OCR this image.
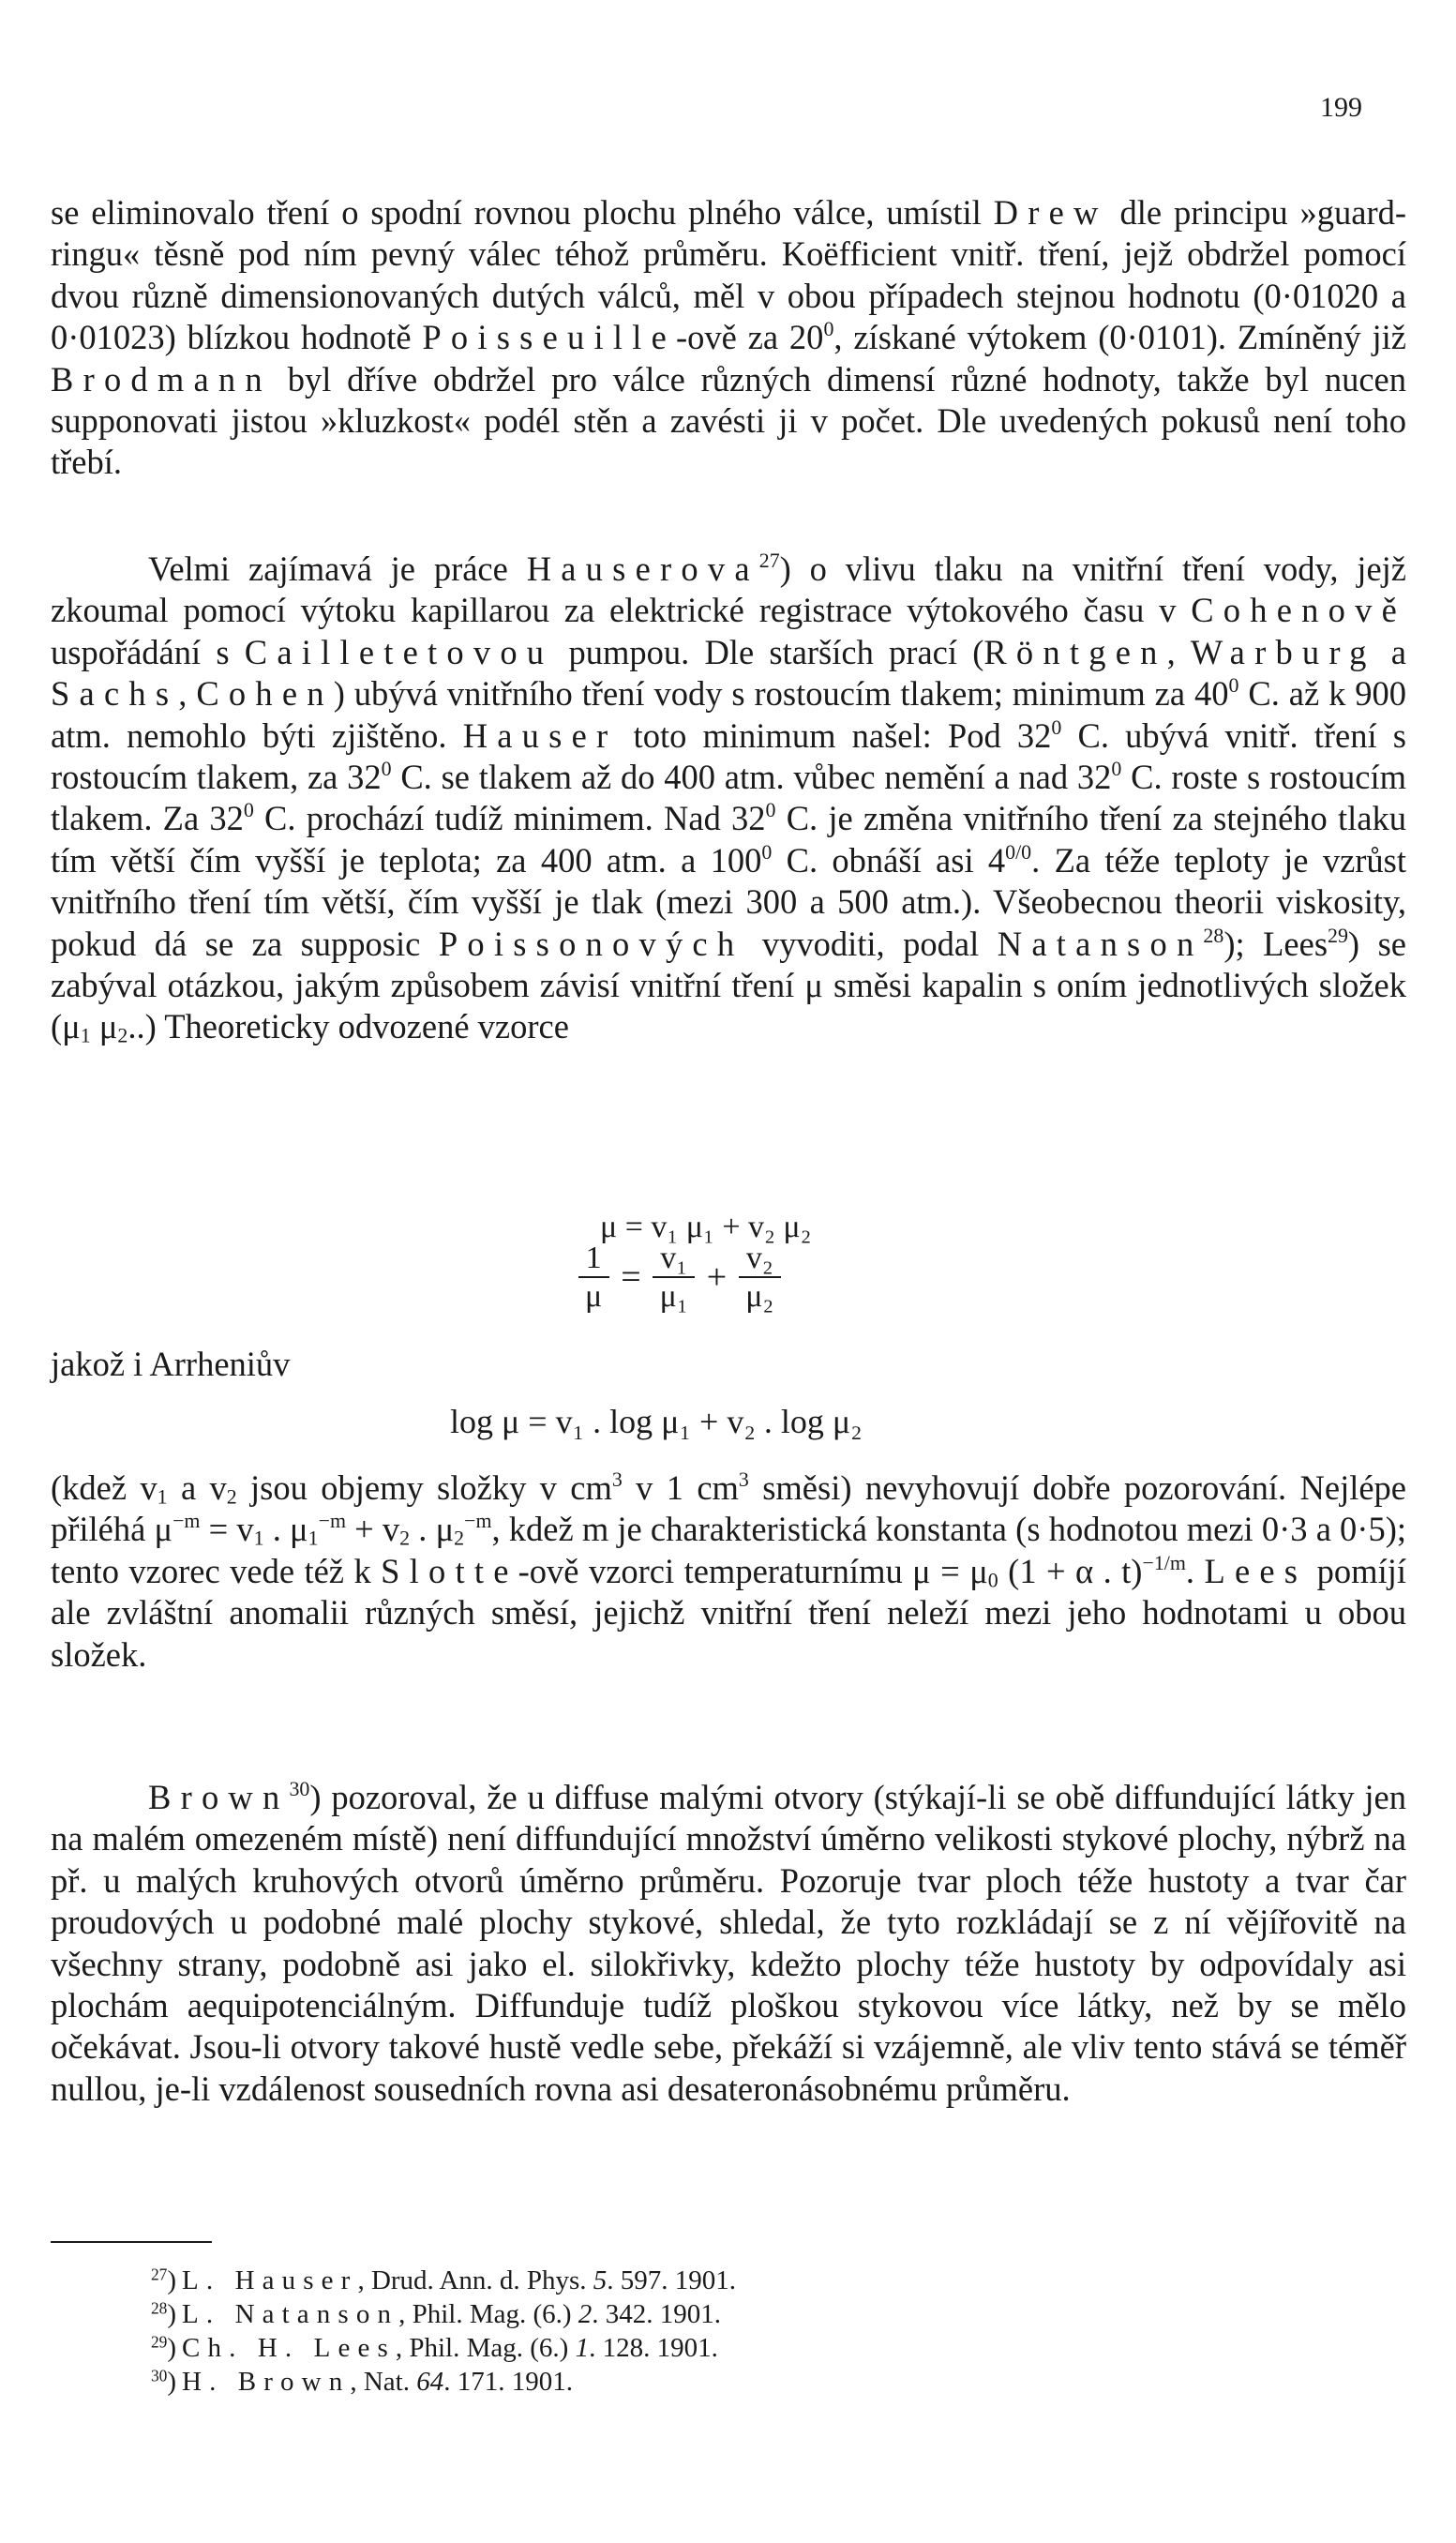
199

se eliminovalo tření o spodní rovnou plochu plného válce, umístil Drew dle principu »guard-ringu« těsně pod ním pevný válec téhož průměru. Koëfficient vnitř. tření, jejž obdržel pomocí dvou různě dimensionovaných dutých válců, měl v obou případech stejnou hodnotu (0·01020 a 0·01023) blízkou hodnotě Poisseuille-ově za $20^0$, získané výtokem (0·0101). Zmíněný již Brodmann byl dříve obdržel pro válce různých dimensí různé hodnoty, takže byl nucen supponovati jistou »kluzkost« podél stěn a zavésti ji v počet. Dle uvedených pokusů není toho třebí.

Velmi zajímavá je práce Hauserova$^{27}$) o vlivu tlaku na vnitřní tření vody, jejž zkoumal pomocí výtoku kapillarou za elektrické registrace výtokového času v Cohenově uspořádání s Cailletetovou pumpou. Dle starších prací (Röntgen, Warburg a Sachs, Cohen) ubývá vnitřního tření vody s rostoucím tlakem; minimum za $40^0$ C. až k 900 atm. nemohlo býti zjištěno. Hauser toto minimum našel: Pod $32^0$ C. ubývá vnitř. tření s rostoucím tlakem, za $32^0$ C. se tlakem až do 400 atm. vůbec nemění a nad $32^0$ C. roste s rostoucím tlakem. Za $32^0$ C. prochází tudíž minimem. Nad $32^0$ C. je změna vnitřního tření za stejného tlaku tím větší čím vyšší je teplota; za 400 atm. a $100^0$ C. obnáší asi $4^{0/0}$. Za téže teploty je vzrůst vnitřního tření tím větší, čím vyšší je tlak (mezi 300 a 500 atm.). Všeobecnou theorii viskosity, pokud dá se za supposic Poissonových vyvoditi, podal Natanson$^{28}$); Lees$^{29}$) se zabýval otázkou, jakým způsobem závisí vnitřní tření μ směsi kapalin s oním jednotlivých složek ($\mu_1$ $\mu_2$..) Theoreticky odvozené vzorce

μ = v₁ μ₁ + v₂ μ₂
$\frac{1}{\mu} = \frac{\text{v₁}}{\text{μ₁}} + \frac{\text{v₂}}{\text{μ₂}}$
jakož i Arrheniův
log μ = v₁ . log μ₁ + v₂ . log μ₂

(kdež $v_1$ a $v_2$ jsou objemy složky v $cm^3$ v 1 $cm^3$ směsi) nevyhovují dobře pozorování. Nejlépe přiléhá $\mu^{-m} = v_1$ . $\mu_1^{-m} + v_2$ . $\mu_2^{-m}$, kdež m je charakteristická konstanta (s hodnotou mezi 0·3 a 0·5); tento vzorec vede též k Slotte-ově vzorci temperaturnímu $\mu = \mu_0$ (1 + α . t)$^{-1/m}$. Lees pomíjí ale zvláštní anomalii různých směsí, jejichž vnitřní tření neleží mezi jeho hodnotami u obou složek.

Brown$^{30}$) pozoroval, že u diffuse malými otvory (stýkají-li se obě diffundující látky jen na malém omezeném místě) není diffundující množství úměrno velikosti stykové plochy, nýbrž na př. u malých kruhových otvorů úměrno průměru. Pozoruje tvar ploch téže hustoty a tvar čar proudových u podobné malé plochy stykové, shledal, že tyto rozkládají se z ní vějířovitě na všechny strany, podobně asi jako el. silokřivky, kdežto plochy téže hustoty by odpovídaly asi plochám aequipotenciálným. Diffunduje tudíž ploškou stykovou více látky, než by se mělo očekávat. Jsou-li otvory takové hustě vedle sebe, překáží si vzájemně, ale vliv tento stává se téměř nullou, je-li vzdálenost sousedních rovna asi desateronásobnému průměru.

$^{27}$) L. Hauser, Drud. Ann. d. Phys. 5. 597. 1901.
$^{28}$) L. Natanson, Phil. Mag. (6.) 2. 342. 1901.
$^{29}$) Ch. H. Lees, Phil. Mag. (6.) 1. 128. 1901.
$^{30}$) H. Brown, Nat. 64. 171. 1901.
